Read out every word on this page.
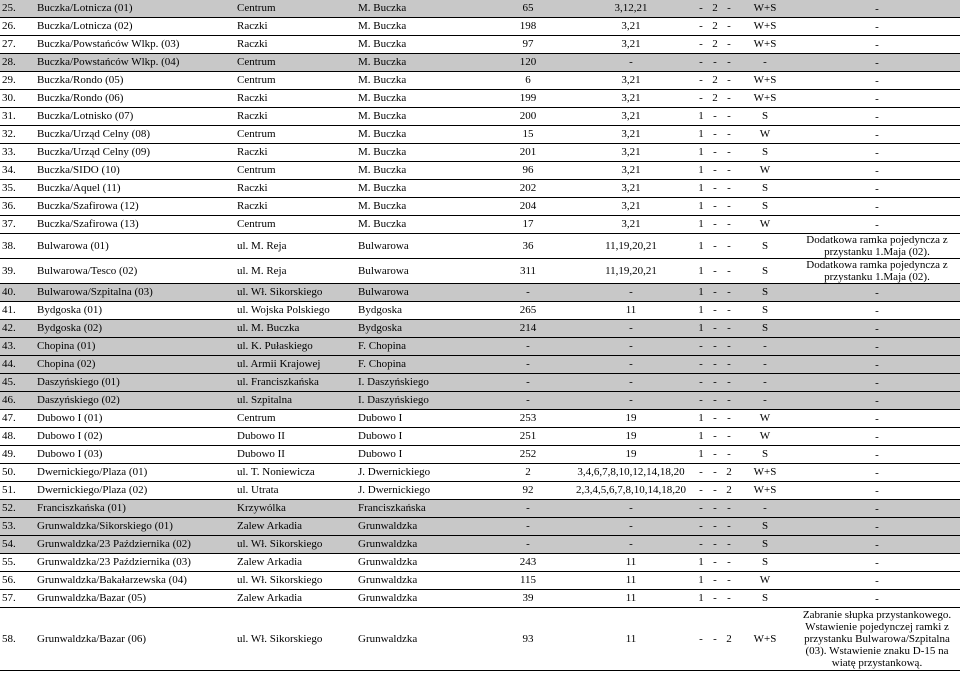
25.	Buczka/Lotnicza (01)	Centrum	M. Buczka	65	3,12,21	-	2	-	W+S	-
26.	Buczka/Lotnicza (02)	Raczki	M. Buczka	198	3,21	-	2	-	W+S	-
27.	Buczka/Powstańców Wlkp. (03)	Raczki	M. Buczka	97	3,21	-	2	-	W+S	-
28.	Buczka/Powstańców Wlkp. (04)	Centrum	M. Buczka	120	-	-	-	-	-	-
29.	Buczka/Rondo (05)	Centrum	M. Buczka	6	3,21	-	2	-	W+S	-
30.	Buczka/Rondo (06)	Raczki	M. Buczka	199	3,21	-	2	-	W+S	-
31.	Buczka/Lotnisko (07)	Raczki	M. Buczka	200	3,21	1	-	-	S	-
32.	Buczka/Urząd Celny (08)	Centrum	M. Buczka	15	3,21	1	-	-	W	-
33.	Buczka/Urząd Celny (09)	Raczki	M. Buczka	201	3,21	1	-	-	S	-
34.	Buczka/SIDO (10)	Centrum	M. Buczka	96	3,21	1	-	-	W	-
35.	Buczka/Aquel (11)	Raczki	M. Buczka	202	3,21	1	-	-	S	-
36.	Buczka/Szafirowa (12)	Raczki	M. Buczka	204	3,21	1	-	-	S	-
37.	Buczka/Szafirowa (13)	Centrum	M. Buczka	17	3,21	1	-	-	W	-
38.	Bulwarowa (01)	ul. M. Reja	Bulwarowa	36	11,19,20,21	1	-	-	S	Dodatkowa ramka pojedyncza z przystanku 1.Maja (02).
39.	Bulwarowa/Tesco (02)	ul. M. Reja	Bulwarowa	311	11,19,20,21	1	-	-	S	Dodatkowa ramka pojedyncza z przystanku 1.Maja (02).
40.	Bulwarowa/Szpitalna (03)	ul. Wł. Sikorskiego	Bulwarowa	-	-	1	-	-	S	-
41.	Bydgoska (01)	ul. Wojska Polskiego	Bydgoska	265	11	1	-	-	S	-
42.	Bydgoska (02)	ul. M. Buczka	Bydgoska	214	-	1	-	-	S	-
43.	Chopina (01)	ul. K. Pułaskiego	F. Chopina	-	-	-	-	-	-	-
44.	Chopina (02)	ul. Armii Krajowej	F. Chopina	-	-	-	-	-	-	-
45.	Daszyńskiego (01)	ul. Franciszkańska	I. Daszyńskiego	-	-	-	-	-	-	-
46.	Daszyńskiego (02)	ul. Szpitalna	I. Daszyńskiego	-	-	-	-	-	-	-
47.	Dubowo I (01)	Centrum	Dubowo I	253	19	1	-	-	W	-
48.	Dubowo I (02)	Dubowo II	Dubowo I	251	19	1	-	-	W	-
49.	Dubowo I (03)	Dubowo II	Dubowo I	252	19	1	-	-	S	-
50.	Dwernickiego/Plaza (01)	ul. T. Noniewicza	J. Dwernickiego	2	3,4,6,7,8,10,12,14,18,20	-	-	2	W+S	-
51.	Dwernickiego/Plaza (02)	ul. Utrata	J. Dwernickiego	92	2,3,4,5,6,7,8,10,14,18,20	-	-	2	W+S	-
52.	Franciszkańska (01)	Krzywólka	Franciszkańska	-	-	-	-	-	-	-
53.	Grunwaldzka/Sikorskiego (01)	Zalew Arkadia	Grunwaldzka	-	-	-	-	-	S	-
54.	Grunwaldzka/23 Października (02)	ul. Wł. Sikorskiego	Grunwaldzka	-	-	-	-	-	S	-
55.	Grunwaldzka/23 Października (03)	Zalew Arkadia	Grunwaldzka	243	11	1	-	-	S	-
56.	Grunwaldzka/Bakałarzewska (04)	ul. Wł. Sikorskiego	Grunwaldzka	115	11	1	-	-	W	-
57.	Grunwaldzka/Bazar (05)	Zalew Arkadia	Grunwaldzka	39	11	1	-	-	S	-
58.	Grunwaldzka/Bazar (06)	ul. Wł. Sikorskiego	Grunwaldzka	93	11	-	-	2	W+S	Zabranie słupka przystankowego. Wstawienie pojedynczej ramki z przystanku Bulwarowa/Szpitalna (03). Wstawienie znaku D-15 na wiatę przystankową.
